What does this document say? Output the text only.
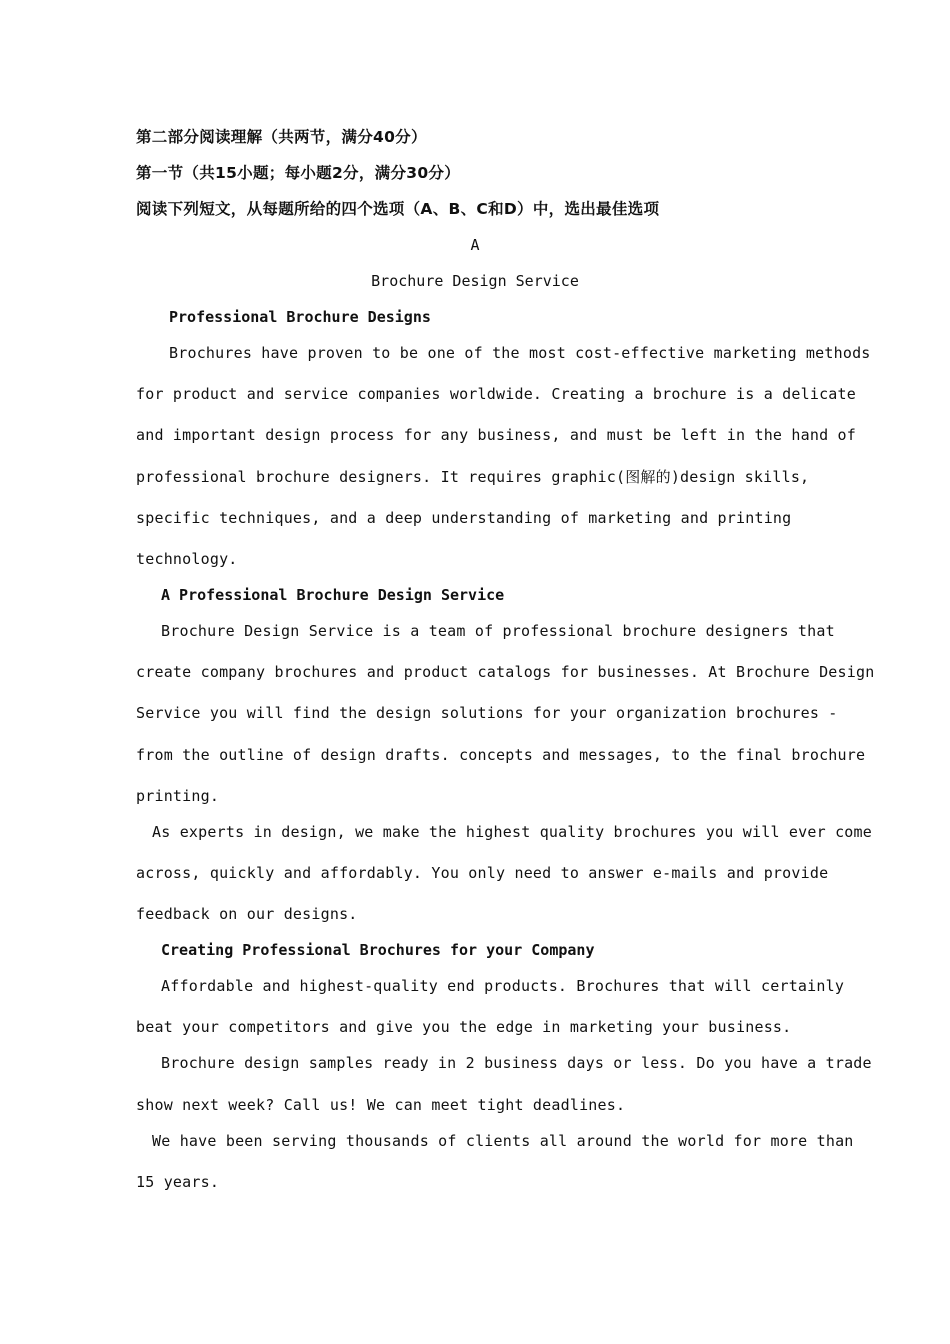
第二部分阅读理解（共两节，满分40分）
第一节（共15小题；每小题2分，满分30分）
阅读下列短文，从每题所给的四个选项（A、B、C和D）中，选出最佳选项
A
Brochure Design Service
Professional Brochure Designs
Brochures have proven to be one of the most cost-effective marketing methods
for product and service companies worldwide. Creating a brochure is a delicate
and important design process for any business, and must be left in the hand of
professional brochure designers. It requires graphic(图解的)design skills,
specific techniques, and a deep understanding of marketing and printing
technology.
A Professional Brochure Design Service
Brochure Design Service is a team of professional brochure designers that
create company brochures and product catalogs for businesses. At Brochure Design
Service you will find the design solutions for your organization brochures -
from the outline of design drafts. concepts and messages, to the final brochure
printing.
As experts in design, we make the highest quality brochures you will ever come
across, quickly and affordably. You only need to answer e-mails and provide
feedback on our designs.
Creating Professional Brochures for your Company
Affordable and highest-quality end products. Brochures that will certainly
beat your competitors and give you the edge in marketing your business.
Brochure design samples ready in 2 business days or less. Do you have a trade
show next week? Call us! We can meet tight deadlines.
We have been serving thousands of clients all around the world for more than
15 years.
